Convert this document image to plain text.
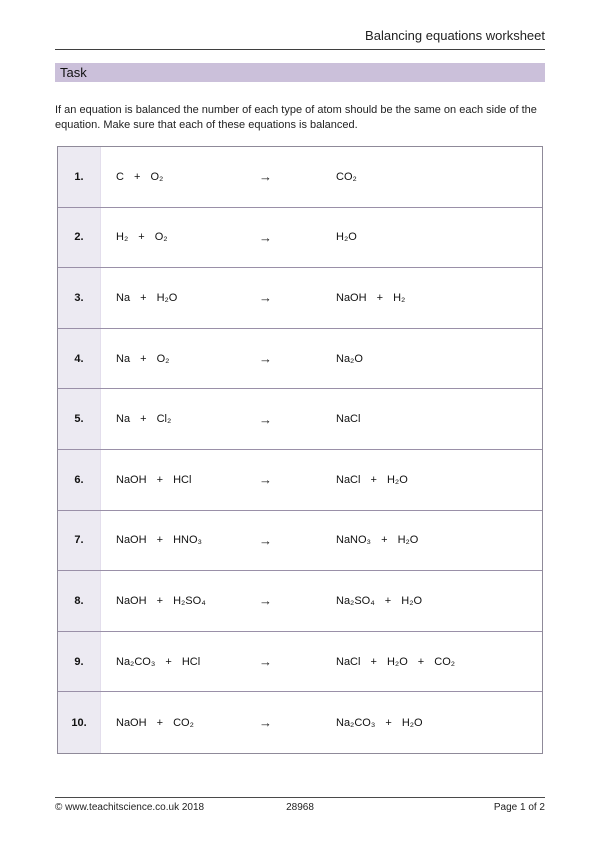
Balancing equations worksheet
Task

If an equation is balanced the number of each type of atom should be the same on each side of the equation. Make sure that each of these equations is balanced.

1.	C + O₂	→	CO₂
2.	H₂ + O₂	→	H₂O
3.	Na + H₂O	→	NaOH + H₂
4.	Na + O₂	→	Na₂O
5.	Na + Cl₂	→	NaCl
6.	NaOH + HCl	→	NaCl + H₂O
7.	NaOH + HNO₃	→	NaNO₃ + H₂O
8.	NaOH + H₂SO₄	→	Na₂SO₄ + H₂O
9.	Na₂CO₃ + HCl	→	NaCl + H₂O + CO₂
10.	NaOH + CO₂	→	Na₂CO₃ + H₂O
© www.teachitscience.co.uk 2018	28968	Page 1 of 2
